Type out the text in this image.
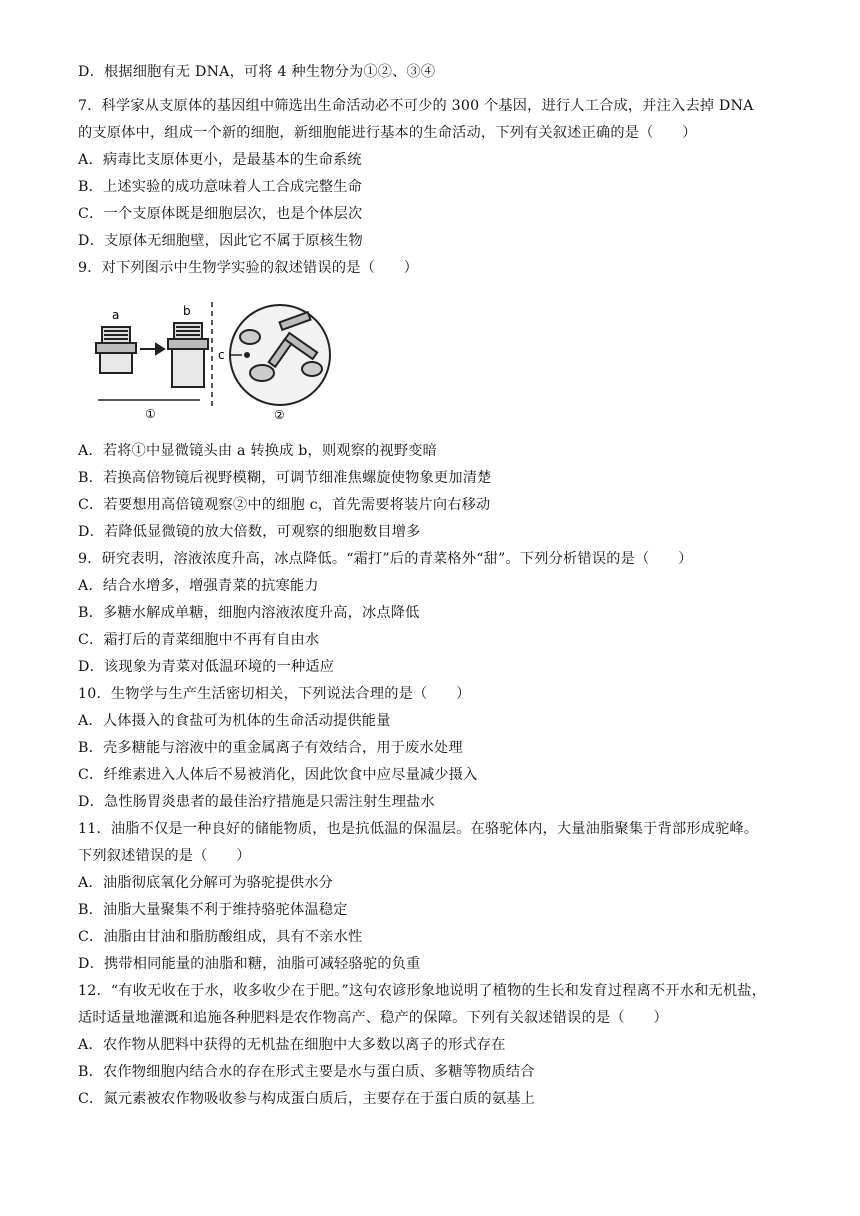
D．根据细胞有无 DNA，可将 4 种生物分为①②、③④
7．科学家从支原体的基因组中筛选出生命活动必不可少的 300 个基因，进行人工合成，并注入去掉 DNA
的支原体中，组成一个新的细胞，新细胞能进行基本的生命活动，下列有关叙述正确的是（　　）
A．病毒比支原体更小，是最基本的生命系统
B．上述实验的成功意味着人工合成完整生命
C．一个支原体既是细胞层次，也是个体层次
D．支原体无细胞壁，因此它不属于原核生物
9．对下列图示中生物学实验的叙述错误的是（　　）
a	b
①
c
②
A．若将①中显微镜头由 a 转换成 b，则观察的视野变暗
B．若换高倍物镜后视野模糊，可调节细准焦螺旋使物象更加清楚
C．若要想用高倍镜观察②中的细胞 c，首先需要将装片向右移动
D．若降低显微镜的放大倍数，可观察的细胞数目增多
9．研究表明，溶液浓度升高，冰点降低。“霜打”后的青菜格外“甜”。下列分析错误的是（　　）
A．结合水增多，增强青菜的抗寒能力
B．多糖水解成单糖，细胞内溶液浓度升高，冰点降低
C．霜打后的青菜细胞中不再有自由水
D．该现象为青菜对低温环境的一种适应
10．生物学与生产生活密切相关，下列说法合理的是（　　）
A．人体摄入的食盐可为机体的生命活动提供能量
B．壳多糖能与溶液中的重金属离子有效结合，用于废水处理
C．纤维素进入人体后不易被消化，因此饮食中应尽量减少摄入
D．急性肠胃炎患者的最佳治疗措施是只需注射生理盐水
11．油脂不仅是一种良好的储能物质，也是抗低温的保温层。在骆驼体内，大量油脂聚集于背部形成驼峰。
下列叙述错误的是（　　）
A．油脂彻底氧化分解可为骆驼提供水分
B．油脂大量聚集不利于维持骆驼体温稳定
C．油脂由甘油和脂肪酸组成，具有不亲水性
D．携带相同能量的油脂和糖，油脂可减轻骆驼的负重
12．“有收无收在于水，收多收少在于肥。”这句农谚形象地说明了植物的生长和发育过程离不开水和无机盐，
适时适量地灌溉和追施各种肥料是农作物高产、稳产的保障。下列有关叙述错误的是（　　）
A．农作物从肥料中获得的无机盐在细胞中大多数以离子的形式存在
B．农作物细胞内结合水的存在形式主要是水与蛋白质、多糖等物质结合
C．氮元素被农作物吸收参与构成蛋白质后，主要存在于蛋白质的氨基上
